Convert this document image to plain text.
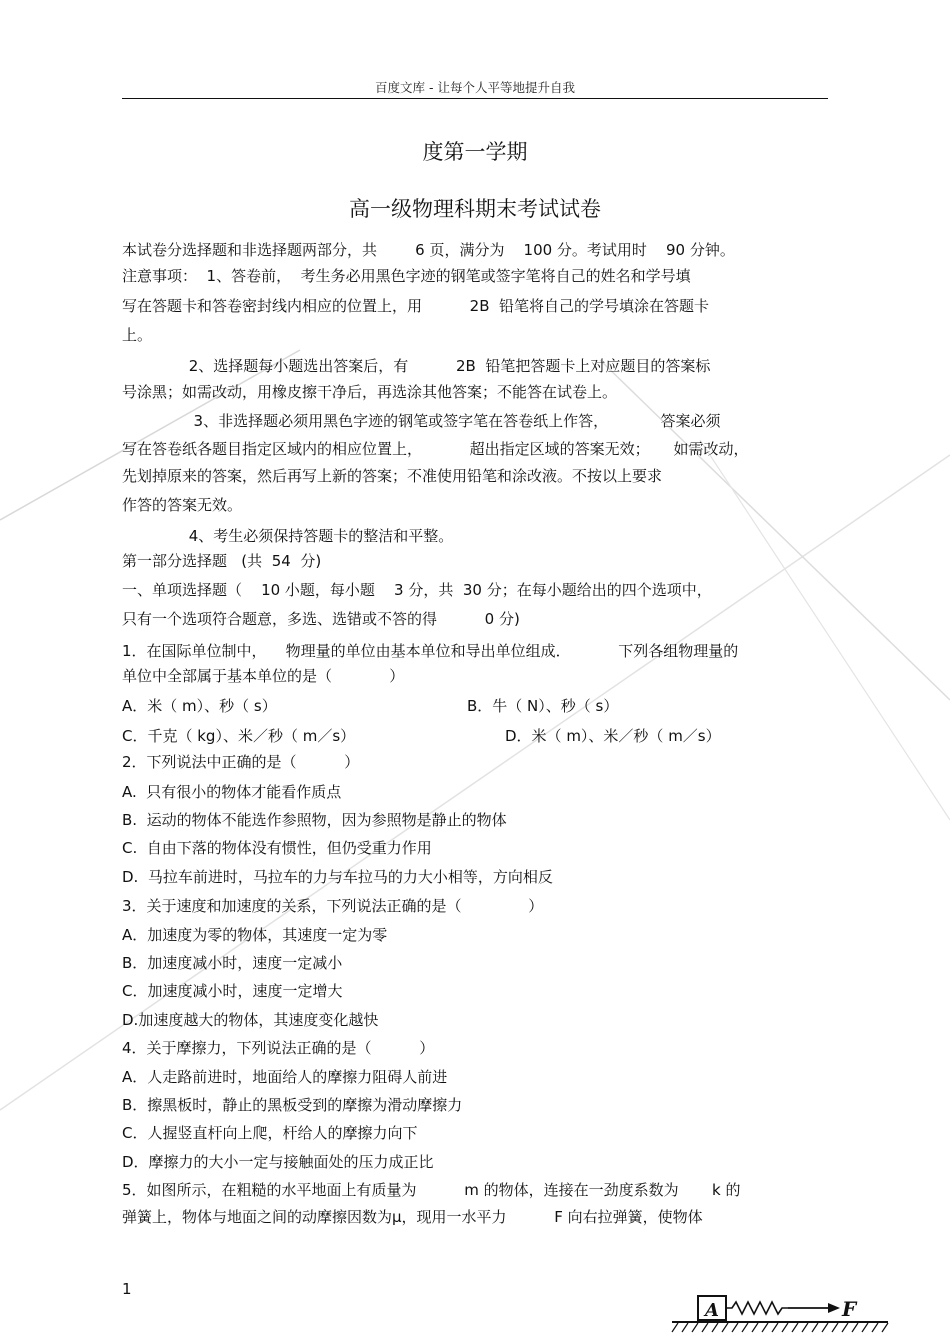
百度文库 - 让每个人平等地提升自我
度第一学期
高一级物理科期末考试试卷
本试卷分选择题和非选择题两部分，共        6 页，满分为    100 分。考试用时    90 分钟。
注意事项：  1、答卷前，  考生务必用黑色字迹的钢笔或签字笔将自己的姓名和学号填
写在答题卡和答卷密封线内相应的位置上，用          2B  铅笔将自己的学号填涂在答题卡
上。
2、选择题每小题选出答案后，有          2B  铅笔把答题卡上对应题目的答案标
号涂黑；如需改动，用橡皮擦干净后，再选涂其他答案；不能答在试卷上。
3、非选择题必须用黑色字迹的钢笔或签字笔在答卷纸上作答，           答案必须
写在答卷纸各题目指定区域内的相应位置上，          超出指定区域的答案无效；     如需改动，
先划掉原来的答案，然后再写上新的答案；不准使用铅笔和涂改液。不按以上要求
作答的答案无效。
4、考生必须保持答题卡的整洁和平整。
第一部分选择题   (共  54  分)
一、单项选择题（    10 小题，每小题    3 分，共  30 分；在每小题给出的四个选项中，
只有一个选项符合题意，多选、选错或不答的得          0 分)
1．在国际单位制中，    物理量的单位由基本单位和导出单位组成．          下列各组物理量的
单位中全部属于基本单位的是（            ）
A．米（ m）、秒（ s）	B．牛（ N）、秒（ s）
C．千克（ kg）、米／秒（ m／s）	D．米（ m）、米／秒（ m／s）
2．下列说法中正确的是（          ）
A.  只有很小的物体才能看作质点
B.  运动的物体不能选作参照物，因为参照物是静止的物体
C.  自由下落的物体没有惯性，但仍受重力作用
D.  马拉车前进时，马拉车的力与车拉马的力大小相等，方向相反
3．关于速度和加速度的关系，下列说法正确的是（              ）
A．加速度为零的物体，其速度一定为零
B．加速度减小时，速度一定减小
C．加速度减小时，速度一定增大
D.加速度越大的物体，其速度变化越快
4．关于摩擦力，下列说法正确的是（          ）
A．人走路前进时，地面给人的摩擦力阻碍人前进
B．擦黑板时，静止的黑板受到的摩擦为滑动摩擦力
C．人握竖直杆向上爬，杆给人的摩擦力向下
D．摩擦力的大小一定与接触面处的压力成正比
5．如图所示，在粗糙的水平地面上有质量为          m 的物体，连接在一劲度系数为       k 的
弹簧上，物体与地面之间的动摩擦因数为μ，现用一水平力          F 向右拉弹簧，使物体
1
A	F
